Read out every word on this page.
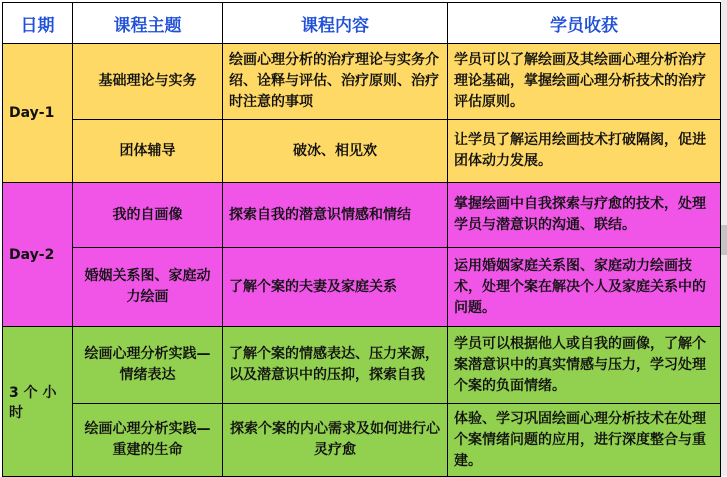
日期	课程主题	课程内容	学员收获
Day-1	基础理论与实务	绘画心理分析的治疗理论与实务介绍、诠释与评估、治疗原则、治疗时注意的事项	学员可以了解绘画及其绘画心理分析治疗理论基础，掌握绘画心理分析技术的治疗评估原则。
	团体辅导	破冰、相见欢	让学员了解运用绘画技术打破隔阂，促进团体动力发展。
Day-2	我的自画像	探索自我的潜意识情感和情结	掌握绘画中自我探索与疗愈的技术，处理学员与潜意识的沟通、联结。
	婚姻关系图、家庭动力绘画	了解个案的夫妻及家庭关系	运用婚姻家庭关系图、家庭动力绘画技术，处理个案在解决个人及家庭关系中的问题。
3 个 小 时	绘画心理分析实践—情绪表达	了解个案的情感表达、压力来源，以及潜意识中的压抑，探索自我	学员可以根据他人或自我的画像，了解个案潜意识中的真实情感与压力，学习处理个案的负面情绪。
	绘画心理分析实践—重建的生命	探索个案的内心需求及如何进行心灵疗愈	体验、学习巩固绘画心理分析技术在处理个案情绪问题的应用，进行深度整合与重建。
